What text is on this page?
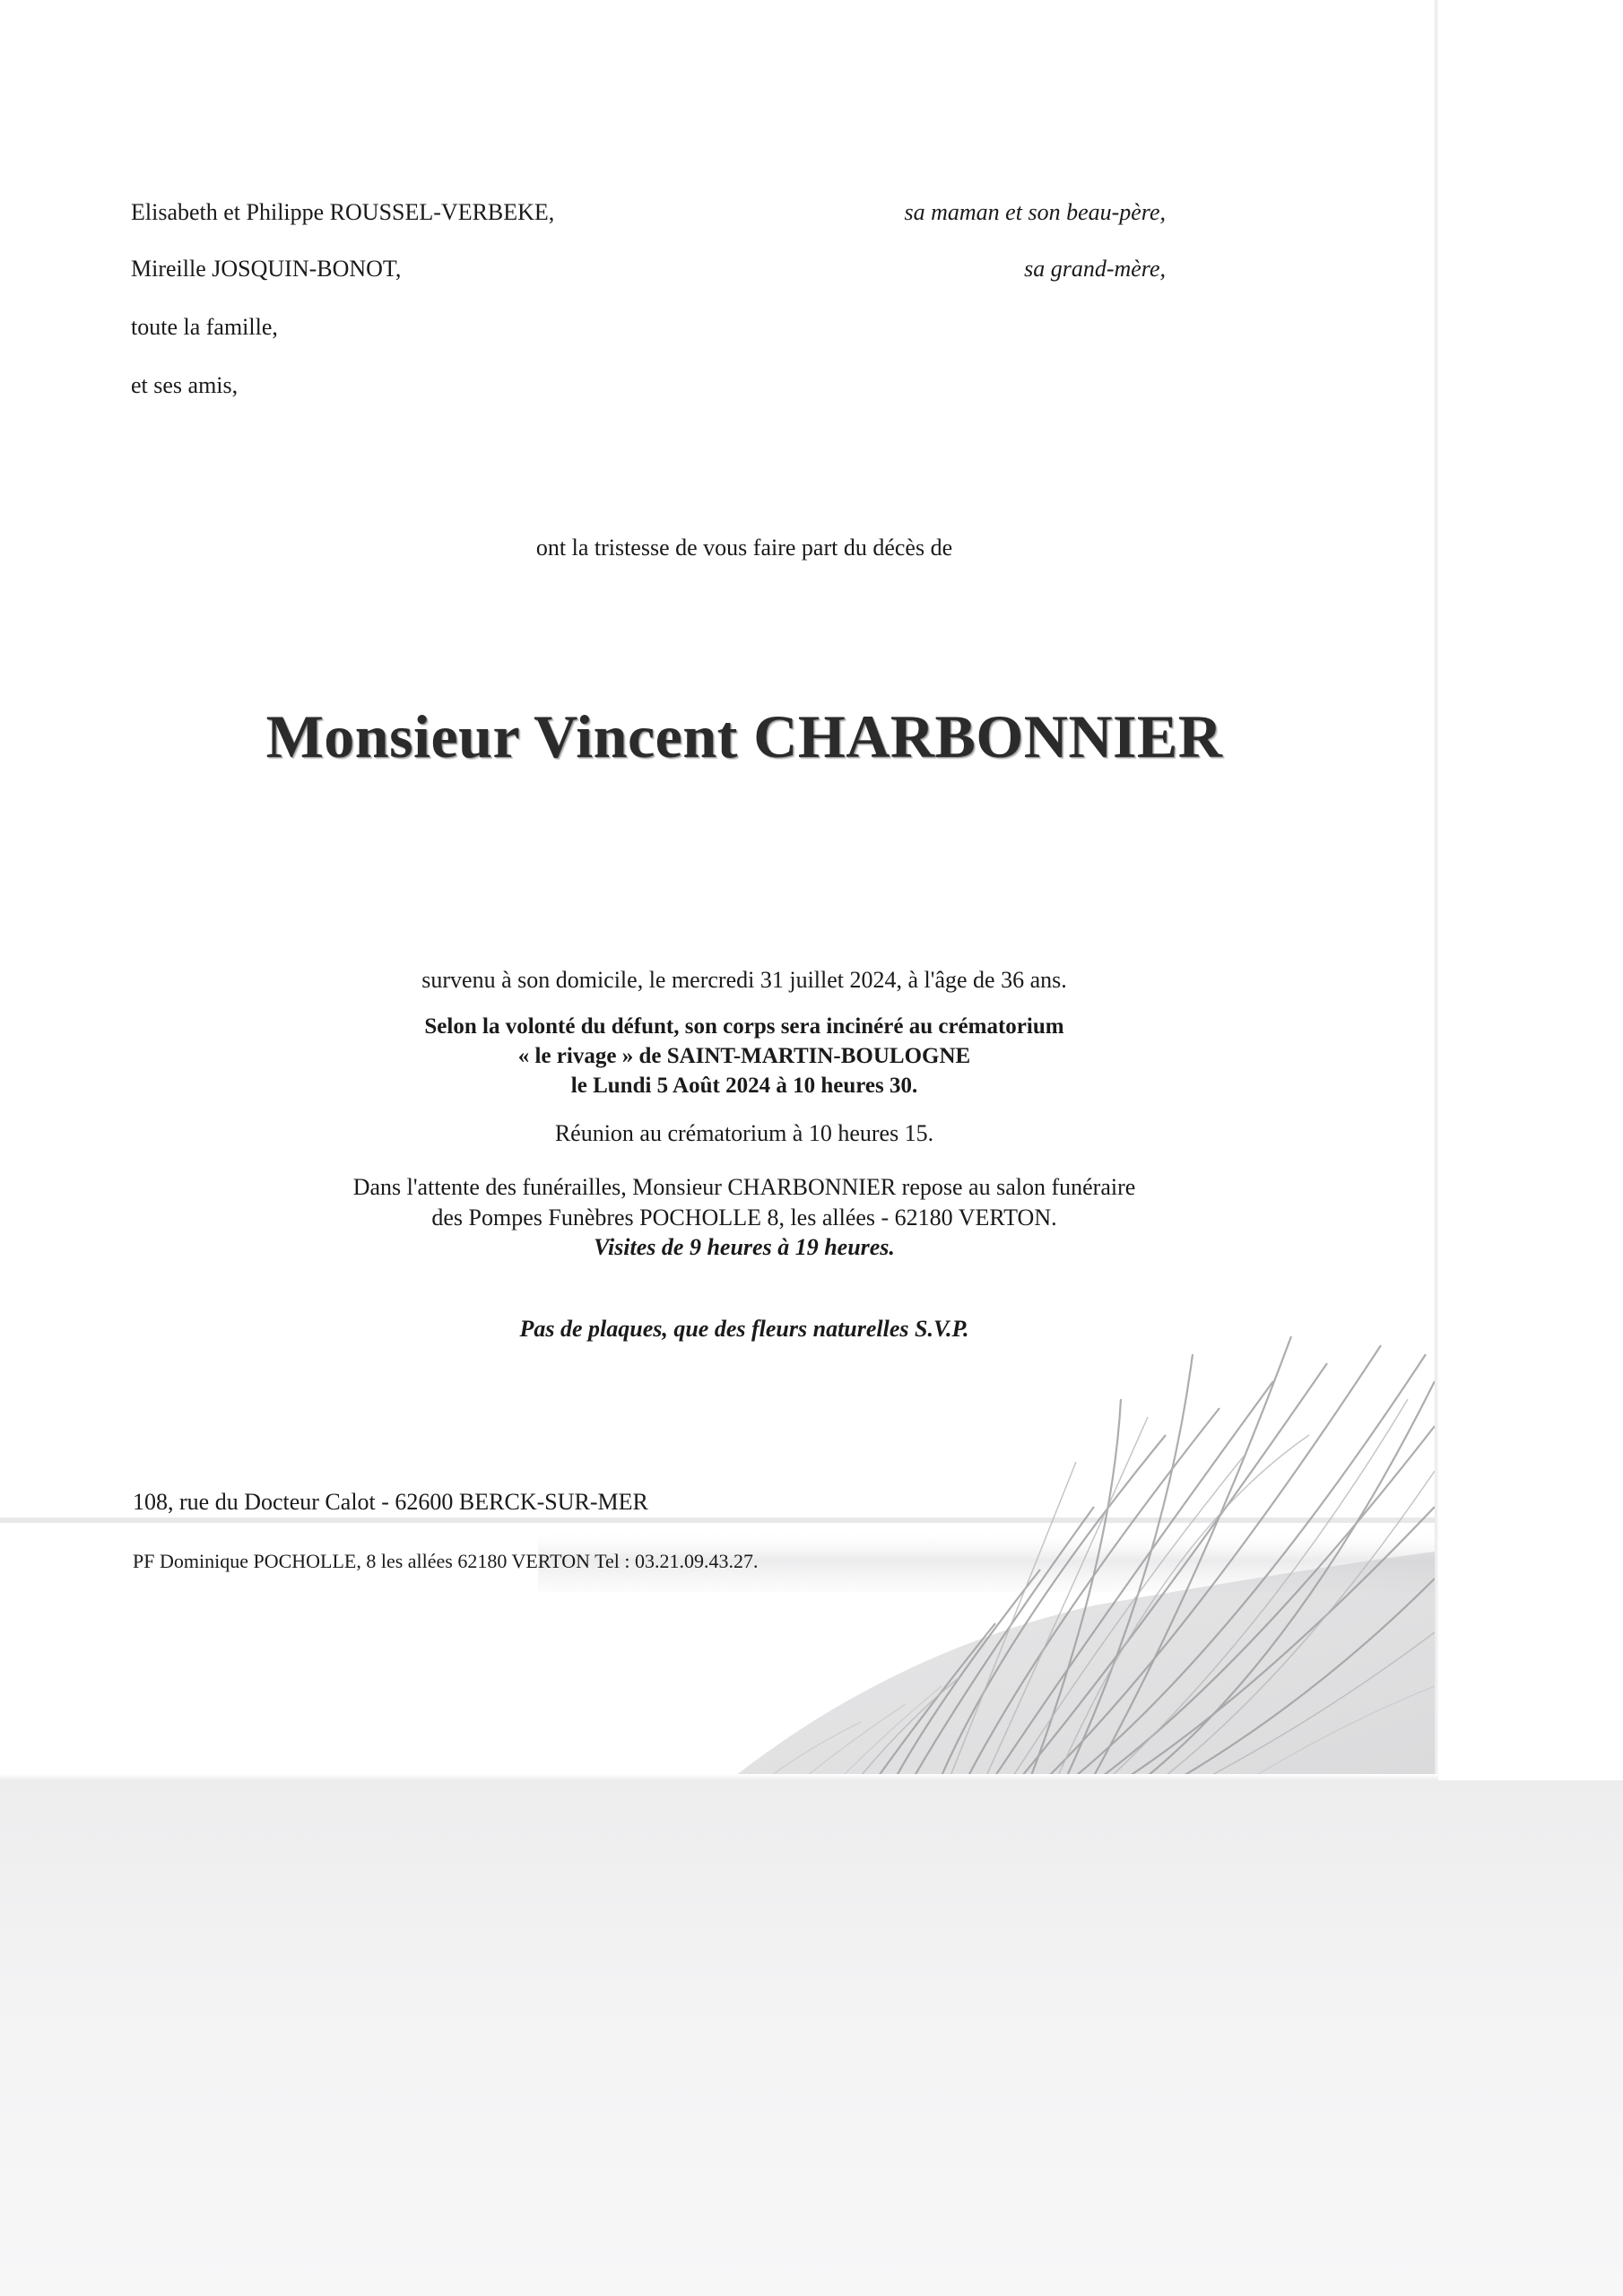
Elisabeth et Philippe ROUSSEL-VERBEKE,	sa maman et son beau-père,
Mireille JOSQUIN-BONOT,	sa grand-mère,
toute la famille,
et ses amis,
ont la tristesse de vous faire part du décès de
Monsieur Vincent CHARBONNIER
survenu à son domicile, le mercredi 31 juillet 2024, à l'âge de 36 ans.
Selon la volonté du défunt, son corps sera incinéré au crématorium
« le rivage » de SAINT-MARTIN-BOULOGNE
le Lundi 5 Août 2024 à 10 heures 30.
Réunion au crématorium à 10 heures 15.
Dans l'attente des funérailles, Monsieur CHARBONNIER repose au salon funéraire
des Pompes Funèbres POCHOLLE 8, les allées - 62180 VERTON.
Visites de 9 heures à 19 heures.
Pas de plaques, que des fleurs naturelles S.V.P.
108, rue du Docteur Calot - 62600 BERCK-SUR-MER
PF Dominique POCHOLLE, 8 les allées 62180 VERTON Tel : 03.21.09.43.27.
